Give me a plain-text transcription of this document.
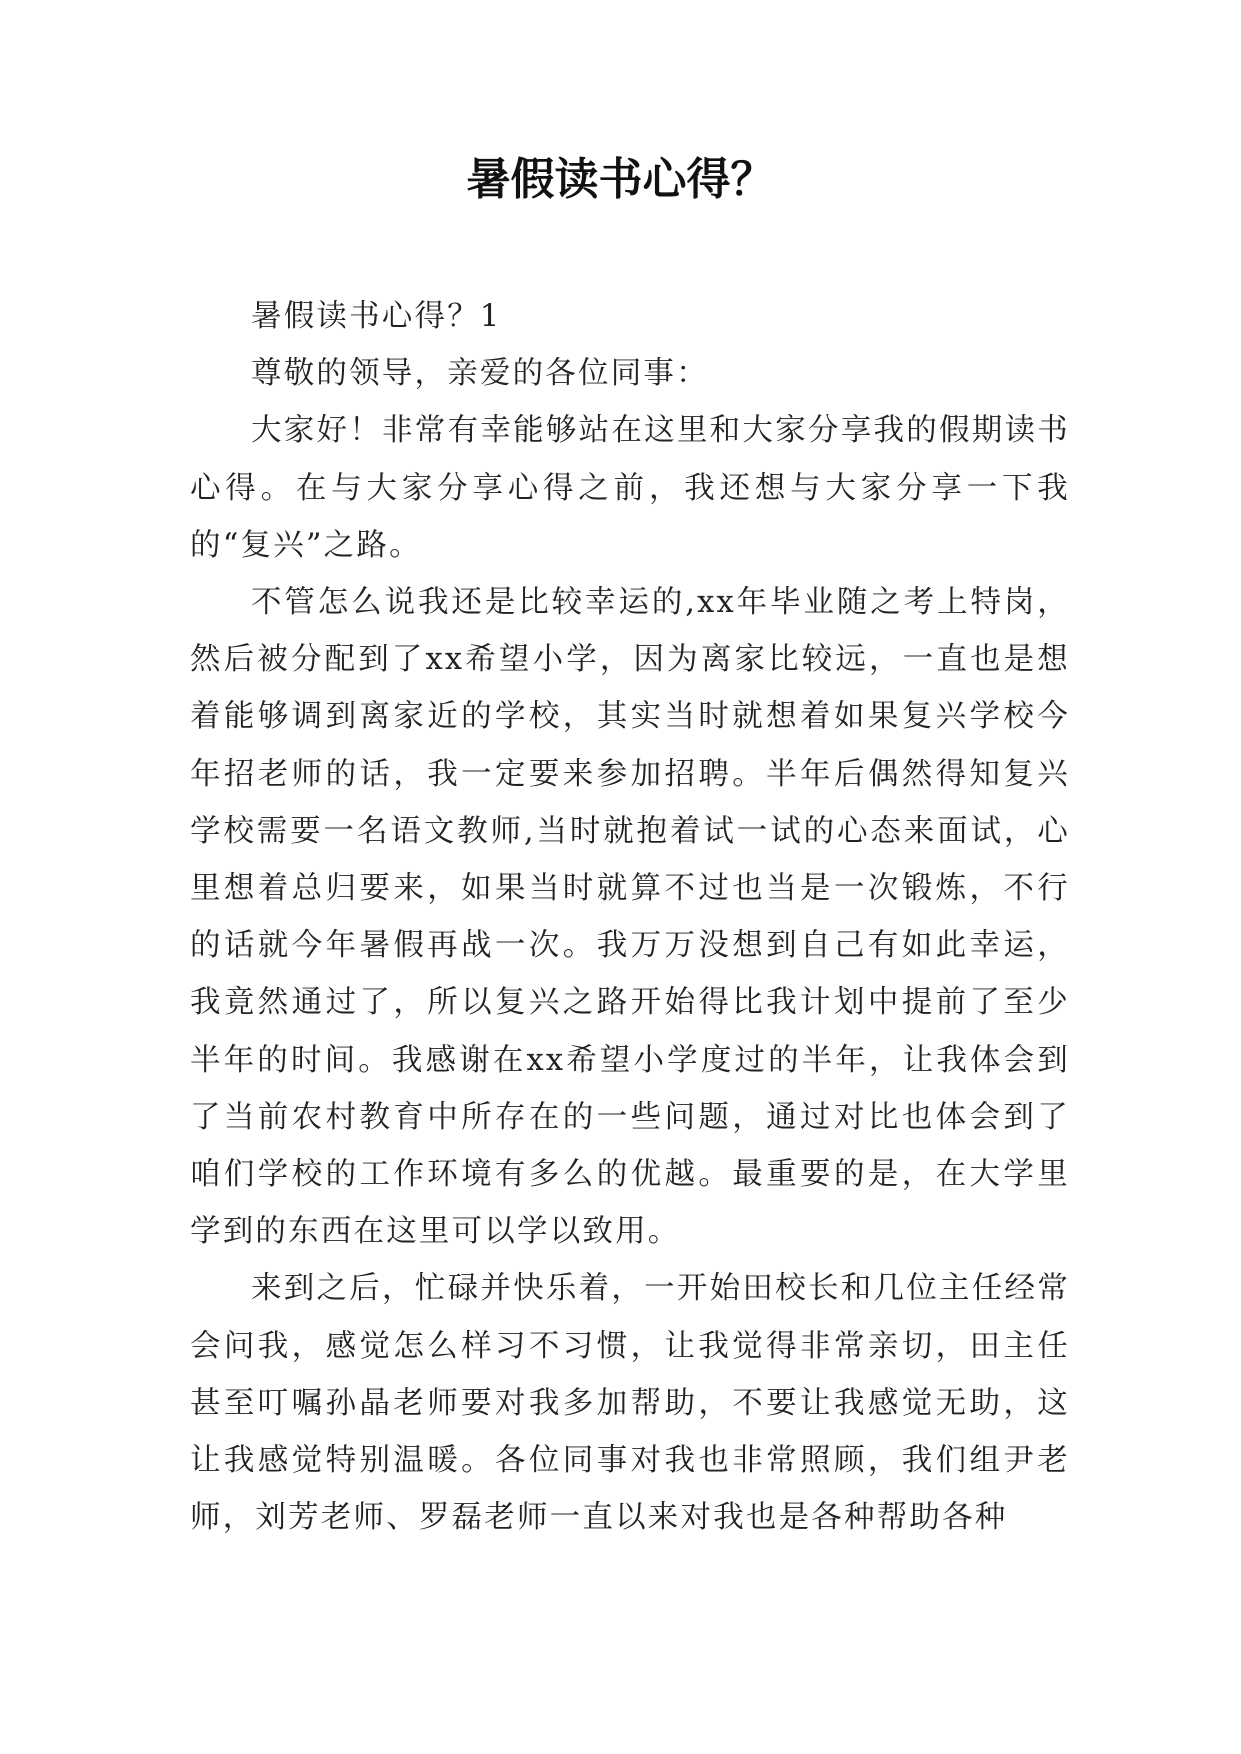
暑假读书心得？

暑假读书心得？1

尊敬的领导，亲爱的各位同事：

大家好！非常有幸能够站在这里和大家分享我的假期读书心得。在与大家分享心得之前，我还想与大家分享一下我的“复兴”之路。

不管怎么说我还是比较幸运的,xx年毕业随之考上特岗，然后被分配到了xx希望小学，因为离家比较远，一直也是想着能够调到离家近的学校，其实当时就想着如果复兴学校今年招老师的话，我一定要来参加招聘。半年后偶然得知复兴学校需要一名语文教师,当时就抱着试一试的心态来面试，心里想着总归要来，如果当时就算不过也当是一次锻炼，不行的话就今年暑假再战一次。我万万没想到自己有如此幸运，我竟然通过了，所以复兴之路开始得比我计划中提前了至少半年的时间。我感谢在xx希望小学度过的半年，让我体会到了当前农村教育中所存在的一些问题，通过对比也体会到了咱们学校的工作环境有多么的优越。最重要的是，在大学里学到的东西在这里可以学以致用。

来到之后，忙碌并快乐着，一开始田校长和几位主任经常会问我，感觉怎么样习不习惯，让我觉得非常亲切，田主任甚至叮嘱孙晶老师要对我多加帮助，不要让我感觉无助，这让我感觉特别温暖。各位同事对我也非常照顾，我们组尹老师，刘芳老师、罗磊老师一直以来对我也是各种帮助各种
